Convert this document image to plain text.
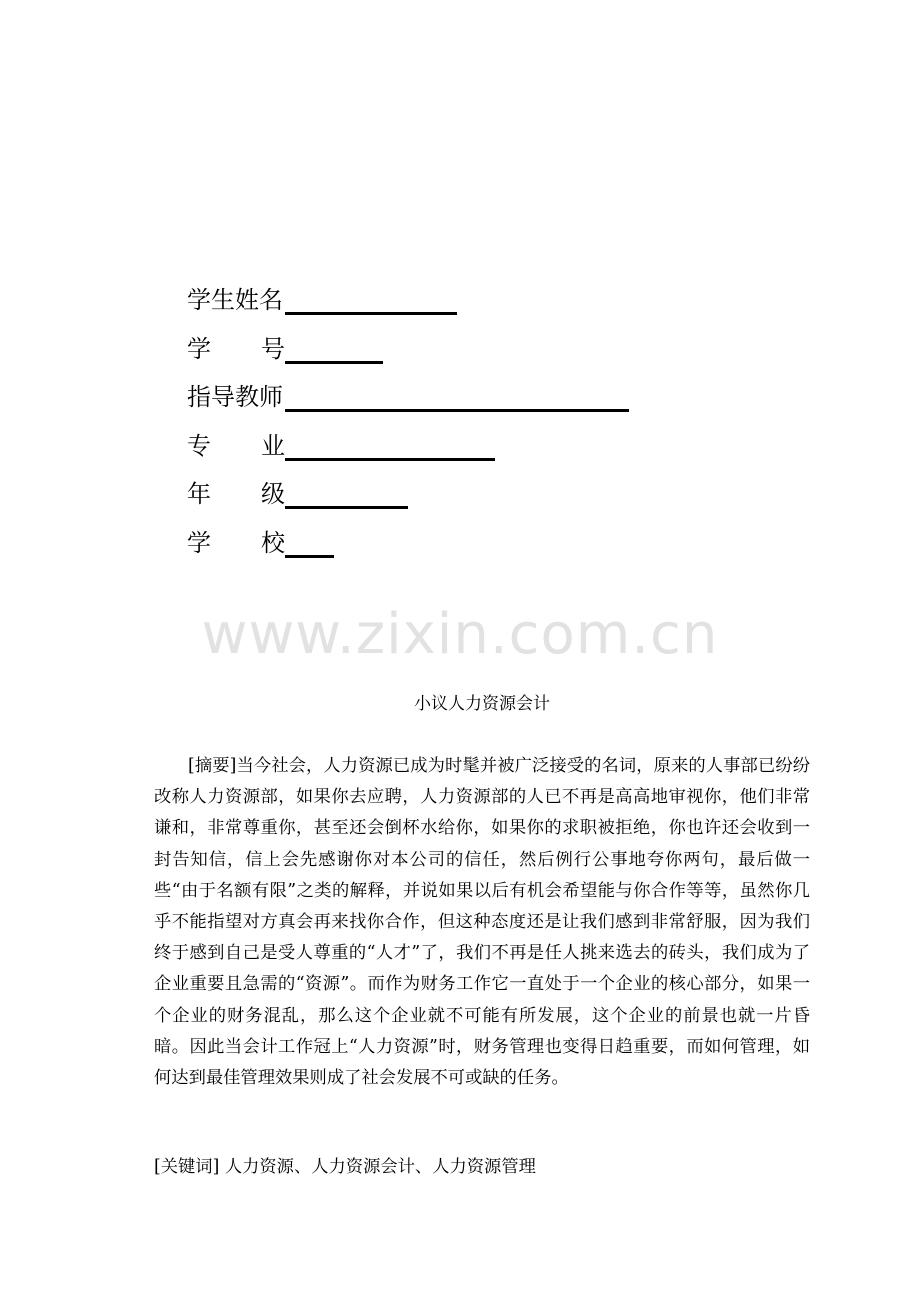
学生姓名
学 号
指导教师
专 业
年 级
学 校
www.zixin.com.cn
小议人力资源会计

[摘要]当今社会，人力资源已成为时髦并被广泛接受的名词，原来的人事部已纷纷改称人力资源部，如果你去应聘，人力资源部的人已不再是高高地审视你，他们非常谦和，非常尊重你，甚至还会倒杯水给你，如果你的求职被拒绝，你也许还会收到一封告知信，信上会先感谢你对本公司的信任，然后例行公事地夸你两句，最后做一些“由于名额有限”之类的解释，并说如果以后有机会希望能与你合作等等，虽然你几乎不能指望对方真会再来找你合作，但这种态度还是让我们感到非常舒服，因为我们终于感到自己是受人尊重的“人才”了，我们不再是任人挑来选去的砖头，我们成为了企业重要且急需的“资源”。而作为财务工作它一直处于一个企业的核心部分，如果一个企业的财务混乱，那么这个企业就不可能有所发展，这个企业的前景也就一片昏暗。因此当会计工作冠上“人力资源”时，财务管理也变得日趋重要，而如何管理，如何达到最佳管理效果则成了社会发展不可或缺的任务。

[关键词] 人力资源、人力资源会计、人力资源管理
